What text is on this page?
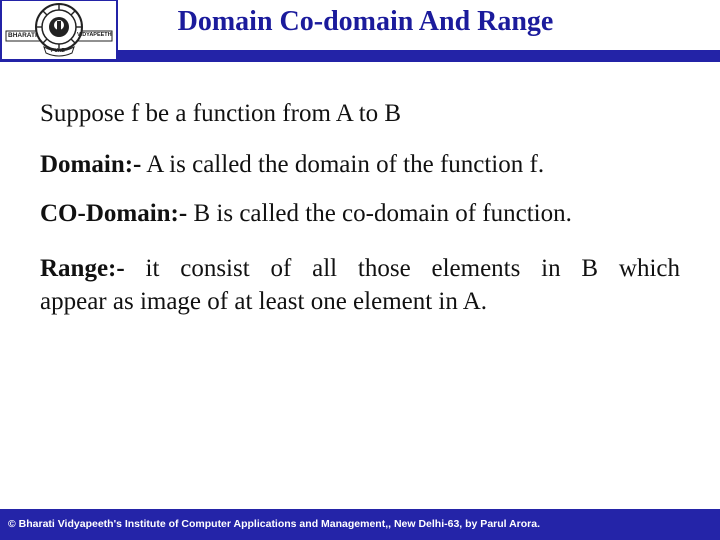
BHARATI	VIDYAPEETH
PUNE
Domain Co-domain And Range

Suppose f be a function from A to B

Domain:- A is called the domain of the function f.

CO-Domain:- B is called the co-domain of function.

Range:- it consist of all those elements in B which
appear as image of at least one element in A.

© Bharati Vidyapeeth's Institute of Computer Applications and Management,, New Delhi-63, by Parul Arora.
